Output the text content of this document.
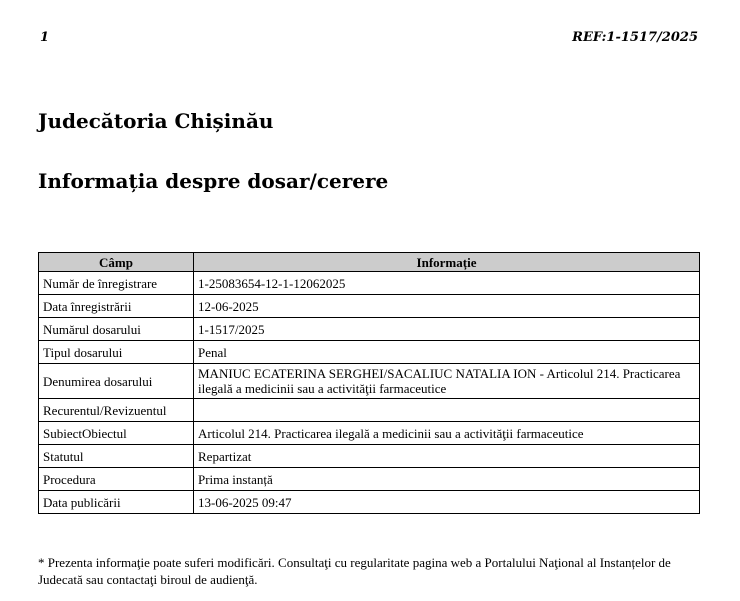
1	REF:1-1517/2025
Judecătoria Chișinău
Informația despre dosar/cerere
Câmp	Informație
Număr de înregistrare	1-25083654-12-1-12062025
Data înregistrării	12-06-2025
Numărul dosarului	1-1517/2025
Tipul dosarului	Penal
Denumirea dosarului	MANIUC ECATERINA SERGHEI/SACALIUC NATALIA ION - Articolul 214. Practicarea ilegală a medicinii sau a activităţii farmaceutice
Recurentul/Revizuentul	
SubiectObiectul	Articolul 214. Practicarea ilegală a medicinii sau a activităţii farmaceutice
Statutul	Repartizat
Procedura	Prima instanță
Data publicării	13-06-2025 09:47

* Prezenta informaţie poate suferi modificări. Consultaţi cu regularitate pagina web a Portalului Naţional al Instanțelor de Judecată sau contactaţi biroul de audienţă.
